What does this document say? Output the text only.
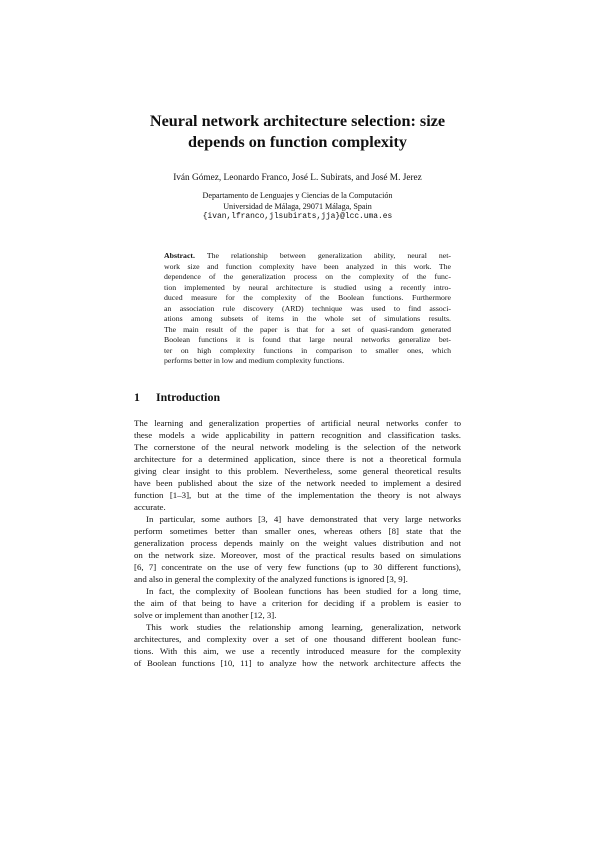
Neural network architecture selection: size
depends on function complexity
Iván Gómez, Leonardo Franco, José L. Subirats, and José M. Jerez
Departamento de Lenguajes y Ciencias de la Computación
Universidad de Málaga, 29071 Málaga, Spain
{ivan,lfranco,jlsubirats,jja}@lcc.uma.es
Abstract. The relationship between generalization ability, neural net-
work size and function complexity have been analyzed in this work. The
dependence of the generalization process on the complexity of the func-
tion implemented by neural architecture is studied using a recently intro-
duced measure for the complexity of the Boolean functions. Furthermore
an association rule discovery (ARD) technique was used to find associ-
ations among subsets of items in the whole set of simulations results.
The main result of the paper is that for a set of quasi-random generated
Boolean functions it is found that large neural networks generalize bet-
ter on high complexity functions in comparison to smaller ones, which
performs better in low and medium complexity functions.
1 Introduction
The learning and generalization properties of artificial neural networks confer to
these models a wide applicability in pattern recognition and classification tasks.
The cornerstone of the neural network modeling is the selection of the network
architecture for a determined application, since there is not a theoretical formula
giving clear insight to this problem. Nevertheless, some general theoretical results
have been published about the size of the network needed to implement a desired
function [1–3], but at the time of the implementation the theory is not always
accurate.
In particular, some authors [3, 4] have demonstrated that very large networks
perform sometimes better than smaller ones, whereas others [8] state that the
generalization process depends mainly on the weight values distribution and not
on the network size. Moreover, most of the practical results based on simulations
[6, 7] concentrate on the use of very few functions (up to 30 different functions),
and also in general the complexity of the analyzed functions is ignored [3, 9].
In fact, the complexity of Boolean functions has been studied for a long time,
the aim of that being to have a criterion for deciding if a problem is easier to
solve or implement than another [12, 3].
This work studies the relationship among learning, generalization, network
architectures, and complexity over a set of one thousand different boolean func-
tions. With this aim, we use a recently introduced measure for the complexity
of Boolean functions [10, 11] to analyze how the network architecture affects the
